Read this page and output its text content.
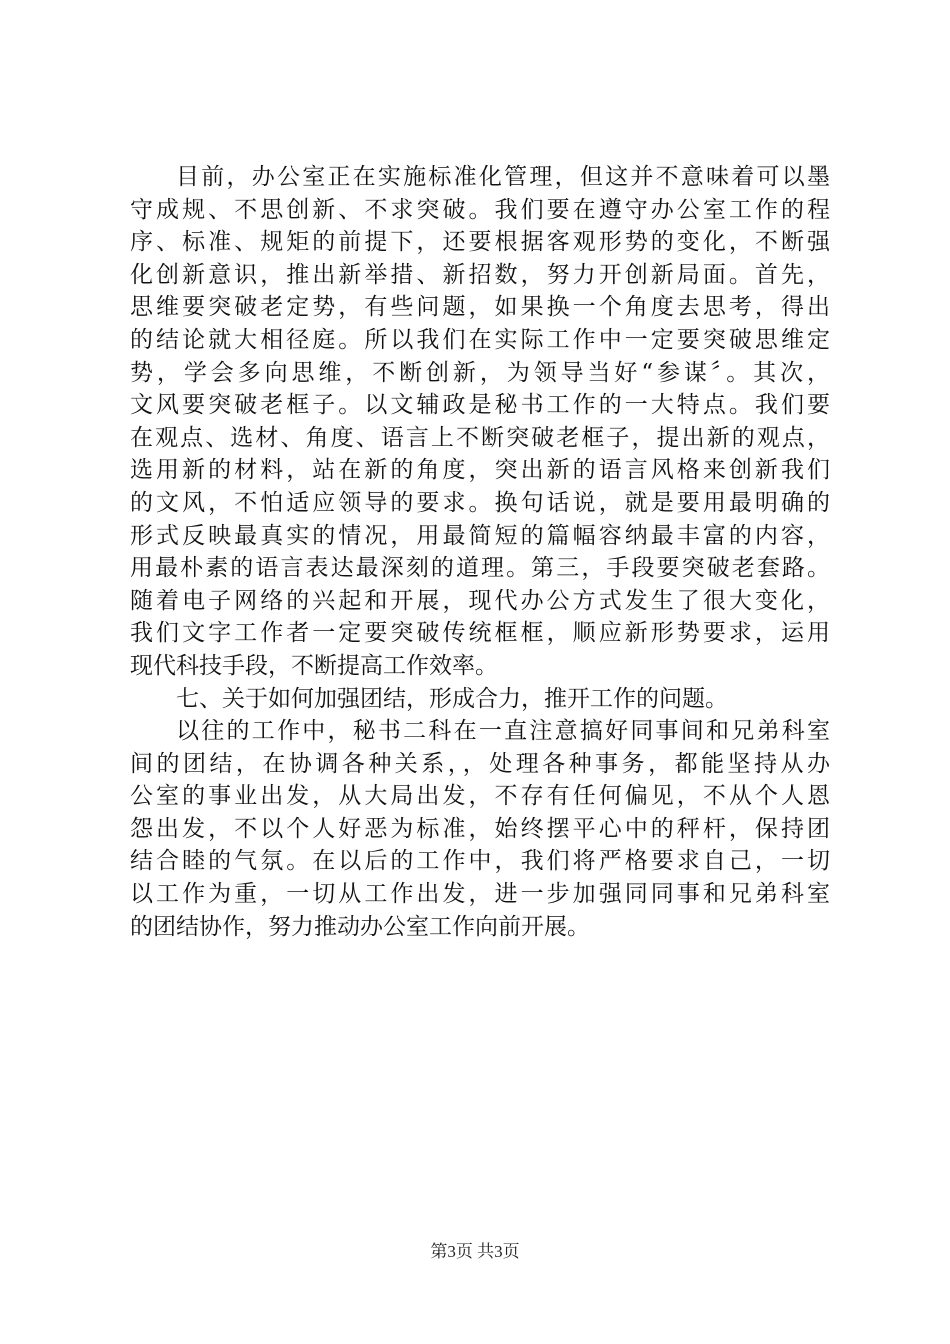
目前，办公室正在实施标准化管理，但这并不意味着可以墨
守成规、不思创新、不求突破。我们要在遵守办公室工作的程
序、标准、规矩的前提下，还要根据客观形势的变化，不断强
化创新意识，推出新举措、新招数，努力开创新局面。首先，
思维要突破老定势，有些问题，如果换一个角度去思考，得出
的结论就大相径庭。所以我们在实际工作中一定要突破思维定
势，学会多向思维，不断创新，为领导当好“参谋〞。其次，
文风要突破老框子。以文辅政是秘书工作的一大特点。我们要
在观点、选材、角度、语言上不断突破老框子，提出新的观点，
选用新的材料，站在新的角度，突出新的语言风格来创新我们
的文风，不怕适应领导的要求。换句话说，就是要用最明确的
形式反映最真实的情况，用最简短的篇幅容纳最丰富的内容，
用最朴素的语言表达最深刻的道理。第三，手段要突破老套路。
随着电子网络的兴起和开展，现代办公方式发生了很大变化，
我们文字工作者一定要突破传统框框，顺应新形势要求，运用
现代科技手段，不断提高工作效率。
七、关于如何加强团结，形成合力，推开工作的问题。
以往的工作中，秘书二科在一直注意搞好同事间和兄弟科室
间的团结，在协调各种关系，，处理各种事务，都能坚持从办
公室的事业出发，从大局出发，不存有任何偏见，不从个人恩
怨出发，不以个人好恶为标准，始终摆平心中的秤杆，保持团
结合睦的气氛。在以后的工作中，我们将严格要求自己，一切
以工作为重，一切从工作出发，进一步加强同同事和兄弟科室
的团结协作，努力推动办公室工作向前开展。
第3页 共3页
